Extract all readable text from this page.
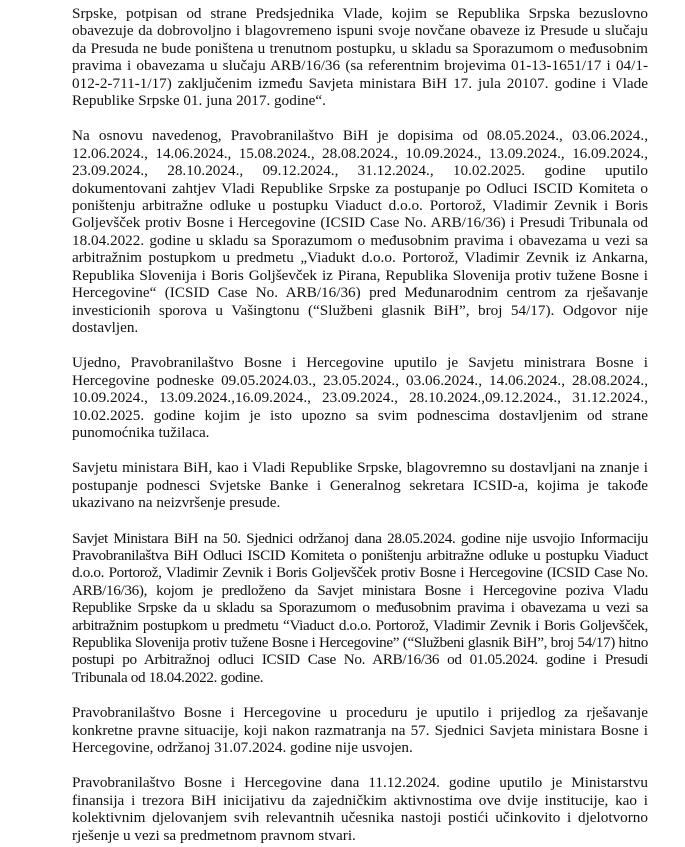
Srpske, potpisan od strane Predsjednika Vlade, kojim se Republika Srpska bezuslovno obavezuje da dobrovoljno i blagovremeno ispuni svoje novčane obaveze iz Presude u slučaju da Presuda ne bude poništena u trenutnom postupku, u skladu sa Sporazumom o međusobnim pravima i obavezama u slučaju ARB/16/36 (sa referentnim brojevima 01-13-1651/17 i 04/1-012-2-711-1/17) zaključenim između Savjeta ministara BiH 17. jula 20107. godine i Vlade Republike Srpske 01. juna 2017. godine“.

Na osnovu navedenog, Pravobranilaštvo BiH je dopisima od 08.05.2024., 03.06.2024., 12.06.2024., 14.06.2024., 15.08.2024., 28.08.2024., 10.09.2024., 13.09.2024., 16.09.2024., 23.09.2024., 28.10.2024., 09.12.2024., 31.12.2024., 10.02.2025. godine uputilo dokumentovani zahtjev Vladi Republike Srpske za postupanje po Odluci ISCID Komiteta o poništenju arbitražne odluke u postupku Viaduct d.o.o. Portorož, Vladimir Zevnik i Boris Goljevšček protiv Bosne i Hercegovine (ICSID Case No. ARB/16/36) i Presudi Tribunala od 18.04.2022. godine u skladu sa Sporazumom o međusobnim pravima i obavezama u vezi sa arbitražnim postupkom u predmetu „Viadukt d.o.o. Portorož, Vladimir Zevnik iz Ankarna, Republika Slovenija i Boris Goljševček iz Pirana, Republika Slovenija protiv tužene Bosne i Hercegovine“ (ICSID Case No. ARB/16/36) pred Međunarodnim centrom za rješavanje investicionih sporova u Vašingtonu (“Službeni glasnik BiH”, broj 54/17). Odgovor nije dostavljen.

Ujedno, Pravobranilaštvo Bosne i Hercegovine uputilo je Savjetu ministrara Bosne i Hercegovine podneske 09.05.2024.03., 23.05.2024., 03.06.2024., 14.06.2024., 28.08.2024., 10.09.2024., 13.09.2024.,16.09.2024., 23.09.2024., 28.10.2024.,09.12.2024., 31.12.2024., 10.02.2025. godine kojim je isto upozno sa svim podnescima dostavljenim od strane punomoćnika tužilaca.

Savjetu ministara BiH, kao i Vladi Republike Srpske, blagovremno su dostavljani na znanje i postupanje podnesci Svjetske Banke i Generalnog sekretara ICSID-a, kojima je takođe ukazivano na neizvršenje presude.

Savjet Ministara BiH na 50. Sjednici održanoj dana 28.05.2024. godine nije usvojio Informaciju Pravobranilaštva BiH Odluci ISCID Komiteta o poništenju arbitražne odluke u postupku Viaduct d.o.o. Portorož, Vladimir Zevnik i Boris Goljevšček protiv Bosne i Hercegovine (ICSID Case No. ARB/16/36), kojom je predloženo da Savjet ministara Bosne i Hercegovine poziva Vladu Republike Srpske da u skladu sa Sporazumom o međusobnim pravima i obavezama u vezi sa arbitražnim postupkom u predmetu “Viaduct d.o.o. Portorož, Vladimir Zevnik i Boris Goljevšček, Republika Slovenija protiv tužene Bosne i Hercegovine” (“Službeni glasnik BiH”, broj 54/17) hitno postupi po Arbitražnoj odluci ICSID Case No. ARB/16/36 od 01.05.2024. godine i Presudi Tribunala od 18.04.2022. godine.

Pravobranilaštvo Bosne i Hercegovine u proceduru je uputilo i prijedlog za rješavanje konkretne pravne situacije, koji nakon razmatranja na 57. Sjednici Savjeta ministara Bosne i Hercegovine, održanoj 31.07.2024. godine nije usvojen.

Pravobranilaštvo Bosne i Hercegovine dana 11.12.2024. godine uputilo je Ministarstvu finansija i trezora BiH inicijativu da zajedničkim aktivnostima ove dvije institucije, kao i kolektivnim djelovanjem svih relevantnih učesnika nastoji postići učinkovito i djelotvorno rješenje u vezi sa predmetnom pravnom stvari.
